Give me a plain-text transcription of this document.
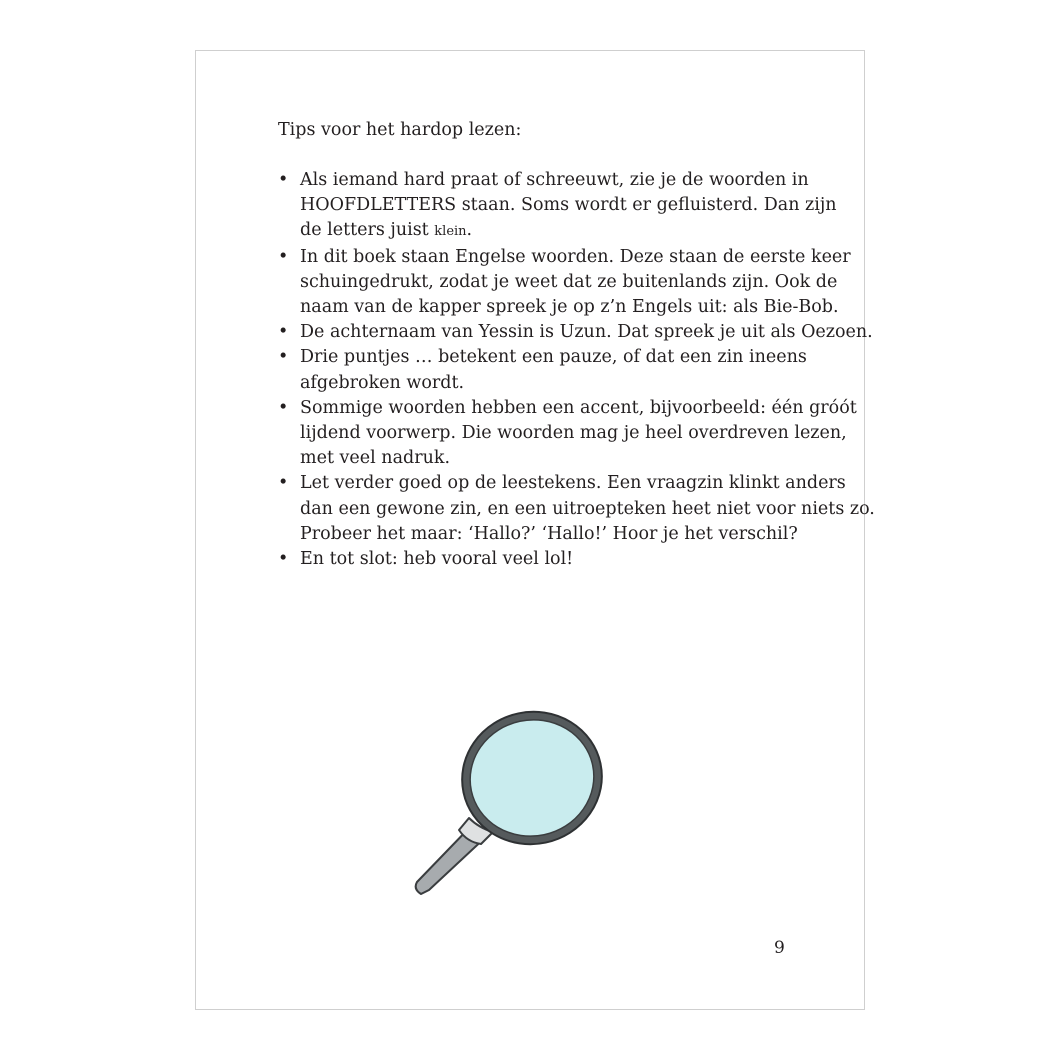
Tips voor het hardop lezen:

• Als iemand hard praat of schreeuwt, zie je de woorden in
HOOFDLETTERS staan. Soms wordt er gefluisterd. Dan zijn
de letters juist klein.
• In dit boek staan Engelse woorden. Deze staan de eerste keer
schuingedrukt, zodat je weet dat ze buitenlands zijn. Ook de
naam van de kapper spreek je op z’n Engels uit: als Bie-Bob.
• De achternaam van Yessin is Uzun. Dat spreek je uit als Oezoen.
• Drie puntjes … betekent een pauze, of dat een zin ineens
afgebroken wordt.
• Sommige woorden hebben een accent, bijvoorbeeld: één gróót
lijdend voorwerp. Die woorden mag je heel overdreven lezen,
met veel nadruk.
• Let verder goed op de leestekens. Een vraagzin klinkt anders
dan een gewone zin, en een uitroepteken heet niet voor niets zo.
Probeer het maar: ‘Hallo?’ ‘Hallo!’ Hoor je het verschil?
• En tot slot: heb vooral veel lol!
9
